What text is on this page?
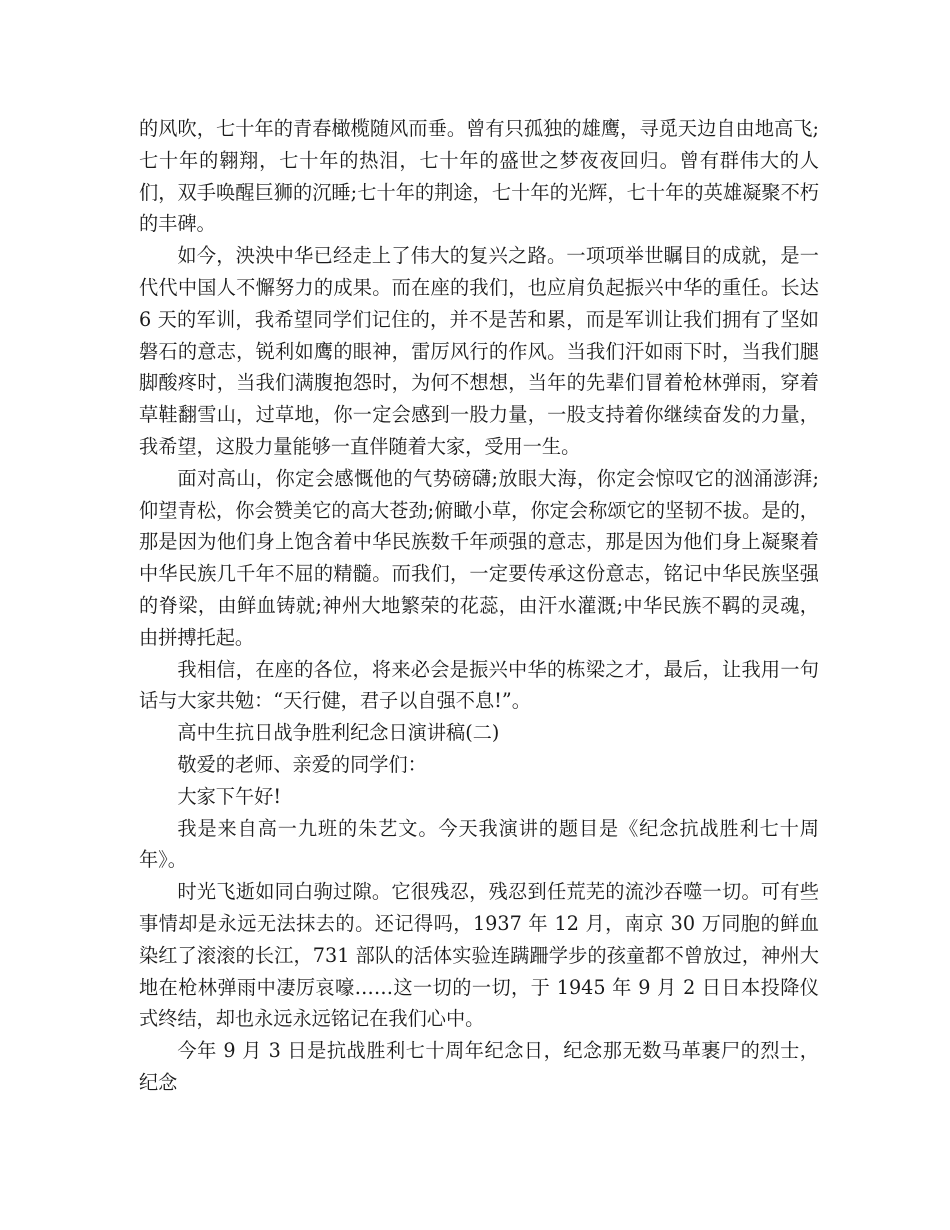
的风吹，七十年的青春橄榄随风而垂。曾有只孤独的雄鹰，寻觅天边自由地高飞;七十年的翱翔，七十年的热泪，七十年的盛世之梦夜夜回归。曾有群伟大的人们，双手唤醒巨狮的沉睡;七十年的荆途，七十年的光辉，七十年的英雄凝聚不朽的丰碑。

如今，泱泱中华已经走上了伟大的复兴之路。一项项举世瞩目的成就，是一代代中国人不懈努力的成果。而在座的我们，也应肩负起振兴中华的重任。长达 6 天的军训，我希望同学们记住的，并不是苦和累，而是军训让我们拥有了坚如磐石的意志，锐利如鹰的眼神，雷厉风行的作风。当我们汗如雨下时，当我们腿脚酸疼时，当我们满腹抱怨时，为何不想想，当年的先辈们冒着枪林弹雨，穿着草鞋翻雪山，过草地，你一定会感到一股力量，一股支持着你继续奋发的力量，我希望，这股力量能够一直伴随着大家，受用一生。

面对高山，你定会感慨他的气势磅礴;放眼大海，你定会惊叹它的汹涌澎湃;仰望青松，你会赞美它的高大苍劲;俯瞰小草，你定会称颂它的坚韧不拔。是的，那是因为他们身上饱含着中华民族数千年顽强的意志，那是因为他们身上凝聚着中华民族几千年不屈的精髓。而我们，一定要传承这份意志，铭记中华民族坚强的脊梁，由鲜血铸就;神州大地繁荣的花蕊，由汗水灌溉;中华民族不羁的灵魂，由拼搏托起。

我相信，在座的各位，将来必会是振兴中华的栋梁之才，最后，让我用一句话与大家共勉：“天行健，君子以自强不息!”。

高中生抗日战争胜利纪念日演讲稿(二)

敬爱的老师、亲爱的同学们：

大家下午好!

我是来自高一九班的朱艺文。今天我演讲的题目是《纪念抗战胜利七十周年》。

时光飞逝如同白驹过隙。它很残忍，残忍到任荒芜的流沙吞噬一切。可有些事情却是永远无法抹去的。还记得吗，1937 年 12 月，南京 30 万同胞的鲜血染红了滚滚的长江，731 部队的活体实验连蹒跚学步的孩童都不曾放过，神州大地在枪林弹雨中凄厉哀嚎……这一切的一切，于 1945 年 9 月 2 日日本投降仪式终结，却也永远永远铭记在我们心中。

今年 9 月 3 日是抗战胜利七十周年纪念日，纪念那无数马革裹尸的烈士，纪念
